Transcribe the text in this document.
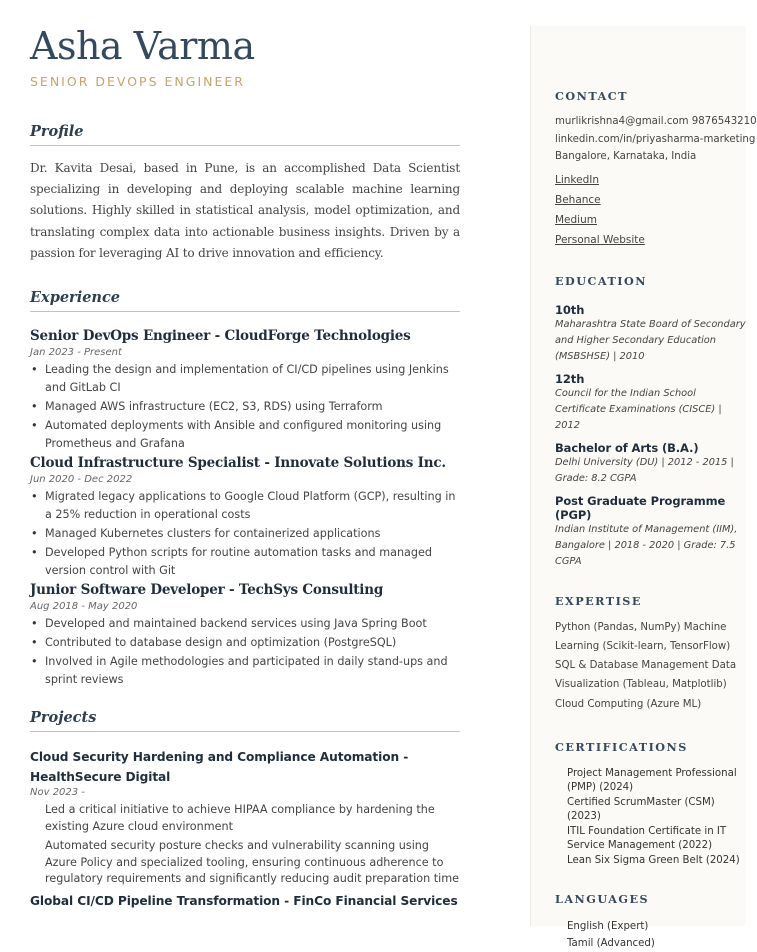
Asha Varma
SENIOR DEVOPS ENGINEER
Profile

Dr. Kavita Desai, based in Pune, is an accomplished Data Scientist specializing in developing and deploying scalable machine learning solutions. Highly skilled in statistical analysis, model optimization, and translating complex data into actionable business insights. Driven by a passion for leveraging AI to drive innovation and efficiency.

Experience
Senior DevOps Engineer - CloudForge Technologies
Jan 2023 - Present
• Leading the design and implementation of CI/CD pipelines using Jenkins and GitLab CI
• Managed AWS infrastructure (EC2, S3, RDS) using Terraform
• Automated deployments with Ansible and configured monitoring using Prometheus and Grafana
Cloud Infrastructure Specialist - Innovate Solutions Inc.
Jun 2020 - Dec 2022
• Migrated legacy applications to Google Cloud Platform (GCP), resulting in a 25% reduction in operational costs
• Managed Kubernetes clusters for containerized applications
• Developed Python scripts for routine automation tasks and managed version control with Git
Junior Software Developer - TechSys Consulting
Aug 2018 - May 2020
• Developed and maintained backend services using Java Spring Boot
• Contributed to database design and optimization (PostgreSQL)
• Involved in Agile methodologies and participated in daily stand-ups and sprint reviews
Projects
Cloud Security Hardening and Compliance Automation - HealthSecure Digital
Nov 2023 -
Led a critical initiative to achieve HIPAA compliance by hardening the existing Azure cloud environment
Automated security posture checks and vulnerability scanning using Azure Policy and specialized tooling, ensuring continuous adherence to regulatory requirements and significantly reducing audit preparation time
Global CI/CD Pipeline Transformation - FinCo Financial Services
CONTACT
murlikrishna4@gmail.com 9876543210
linkedin.com/in/priyasharma-marketing
Bangalore, Karnataka, India
LinkedIn
Behance
Medium
Personal Website
EDUCATION
10th
Maharashtra State Board of Secondary and Higher Secondary Education (MSBSHSE) | 2010
12th
Council for the Indian School Certificate Examinations (CISCE) | 2012
Bachelor of Arts (B.A.)
Delhi University (DU) | 2012 - 2015 | Grade: 8.2 CGPA
Post Graduate Programme (PGP)
Indian Institute of Management (IIM), Bangalore | 2018 - 2020 | Grade: 7.5 CGPA
EXPERTISE
Python (Pandas, NumPy) Machine Learning (Scikit-learn, TensorFlow) SQL & Database Management Data Visualization (Tableau, Matplotlib) Cloud Computing (Azure ML)
CERTIFICATIONS
Project Management Professional (PMP) (2024)
Certified ScrumMaster (CSM) (2023)
ITIL Foundation Certificate in IT Service Management (2022)
Lean Six Sigma Green Belt (2024)
LANGUAGES
English (Expert)
Tamil (Advanced)
